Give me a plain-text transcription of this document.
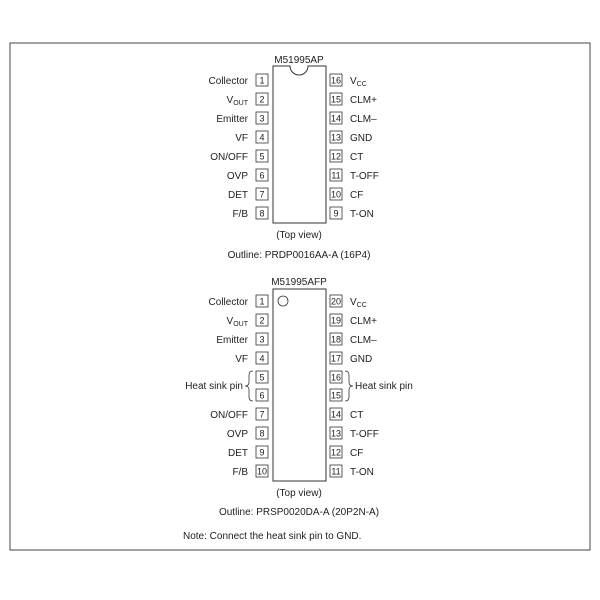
M51995AP
1
Collector
2
$V_{OUT}$
3
Emitter
4
VF
5
ON/OFF
6
OVP
7
DET
8
F/B
16 $V_{CC}$
15 CLM+
14 CLM–
13 GND
12 CT
11 T-OFF
10 CF
9 T-ON
(Top view)
Outline: PRDP0016AA-A (16P4)
M51995AFP
1
Collector
2
$V_{OUT}$
3
Emitter
4
VF
5
6
7
ON/OFF
8
OVP
9
DET
10
F/B
20 $V_{CC}$
19 CLM+
18 CLM–
17 GND
16
15
14 CT
13 T-OFF
12 CF
11 T-ON
Heat sink pin	Heat sink pin
(Top view)
Outline: PRSP0020DA-A (20P2N-A)
Note: Connect the heat sink pin to GND.
